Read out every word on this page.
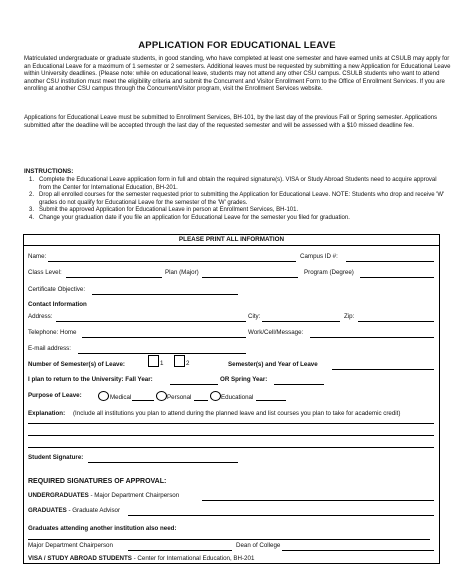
APPLICATION FOR EDUCATIONAL LEAVE
Matriculated undergraduate or graduate students, in good standing, who have completed at least one semester and have earned units at CSULB may apply for an Educational Leave for a maximum of 1 semester or 2 semesters. Additional leaves must be requested by submitting a new Application for Educational Leave within University deadlines. (Please note: while on educational leave, students may not attend any other CSU campus. CSULB students who want to attend another CSU institution must meet the eligibility criteria and submit the Concurrent and Visitor Enrollment Form to the Office of Enrollment Services. If you are enrolling at another CSU campus through the Concurrent/Visitor program, visit the Enrollment Services website.
Applications for Educational Leave must be submitted to Enrollment Services, BH-101, by the last day of the previous Fall or Spring semester. Applications submitted after the deadline will be accepted through the last day of the requested semester and will be assessed with a $10 missed deadline fee.
INSTRUCTIONS:
1. Complete the Educational Leave application form in full and obtain the required signature(s). VISA or Study Abroad Students need to acquire approval from the Center for International Education, BH-201.
2. Drop all enrolled courses for the semester requested prior to submitting the Application for Educational Leave. NOTE: Students who drop and receive 'W' grades do not qualify for Educational Leave for the semester of the 'W' grades.
3. Submit the approved Application for Educational Leave in person at Enrollment Services, BH-101.
4. Change your graduation date if you file an application for Educational Leave for the semester you filed for graduation.
PLEASE PRINT ALL INFORMATION
Name:	Campus ID #:
Class Level:	Plan (Major)	Program (Degree)
Certificate Objective:
Contact Information
Address:	City:	Zip:
Telephone: Home	Work/Cell/Message:
E-mail address:
Number of Semester(s) of Leave:	1	2	Semester(s) and Year of Leave
I plan to return to the University: Fall Year:	OR Spring Year:
Purpose of Leave:	Medical	Personal	Educational
Explanation: (Include all institutions you plan to attend during the planned leave and list courses you plan to take for academic credit)
Student Signature:
REQUIRED SIGNATURES OF APPROVAL:
UNDERGRADUATES - Major Department Chairperson
GRADUATES - Graduate Advisor
Graduates attending another institution also need:
Major Department Chairperson	Dean of College
VISA / STUDY ABROAD STUDENTS - Center for International Education, BH-201
